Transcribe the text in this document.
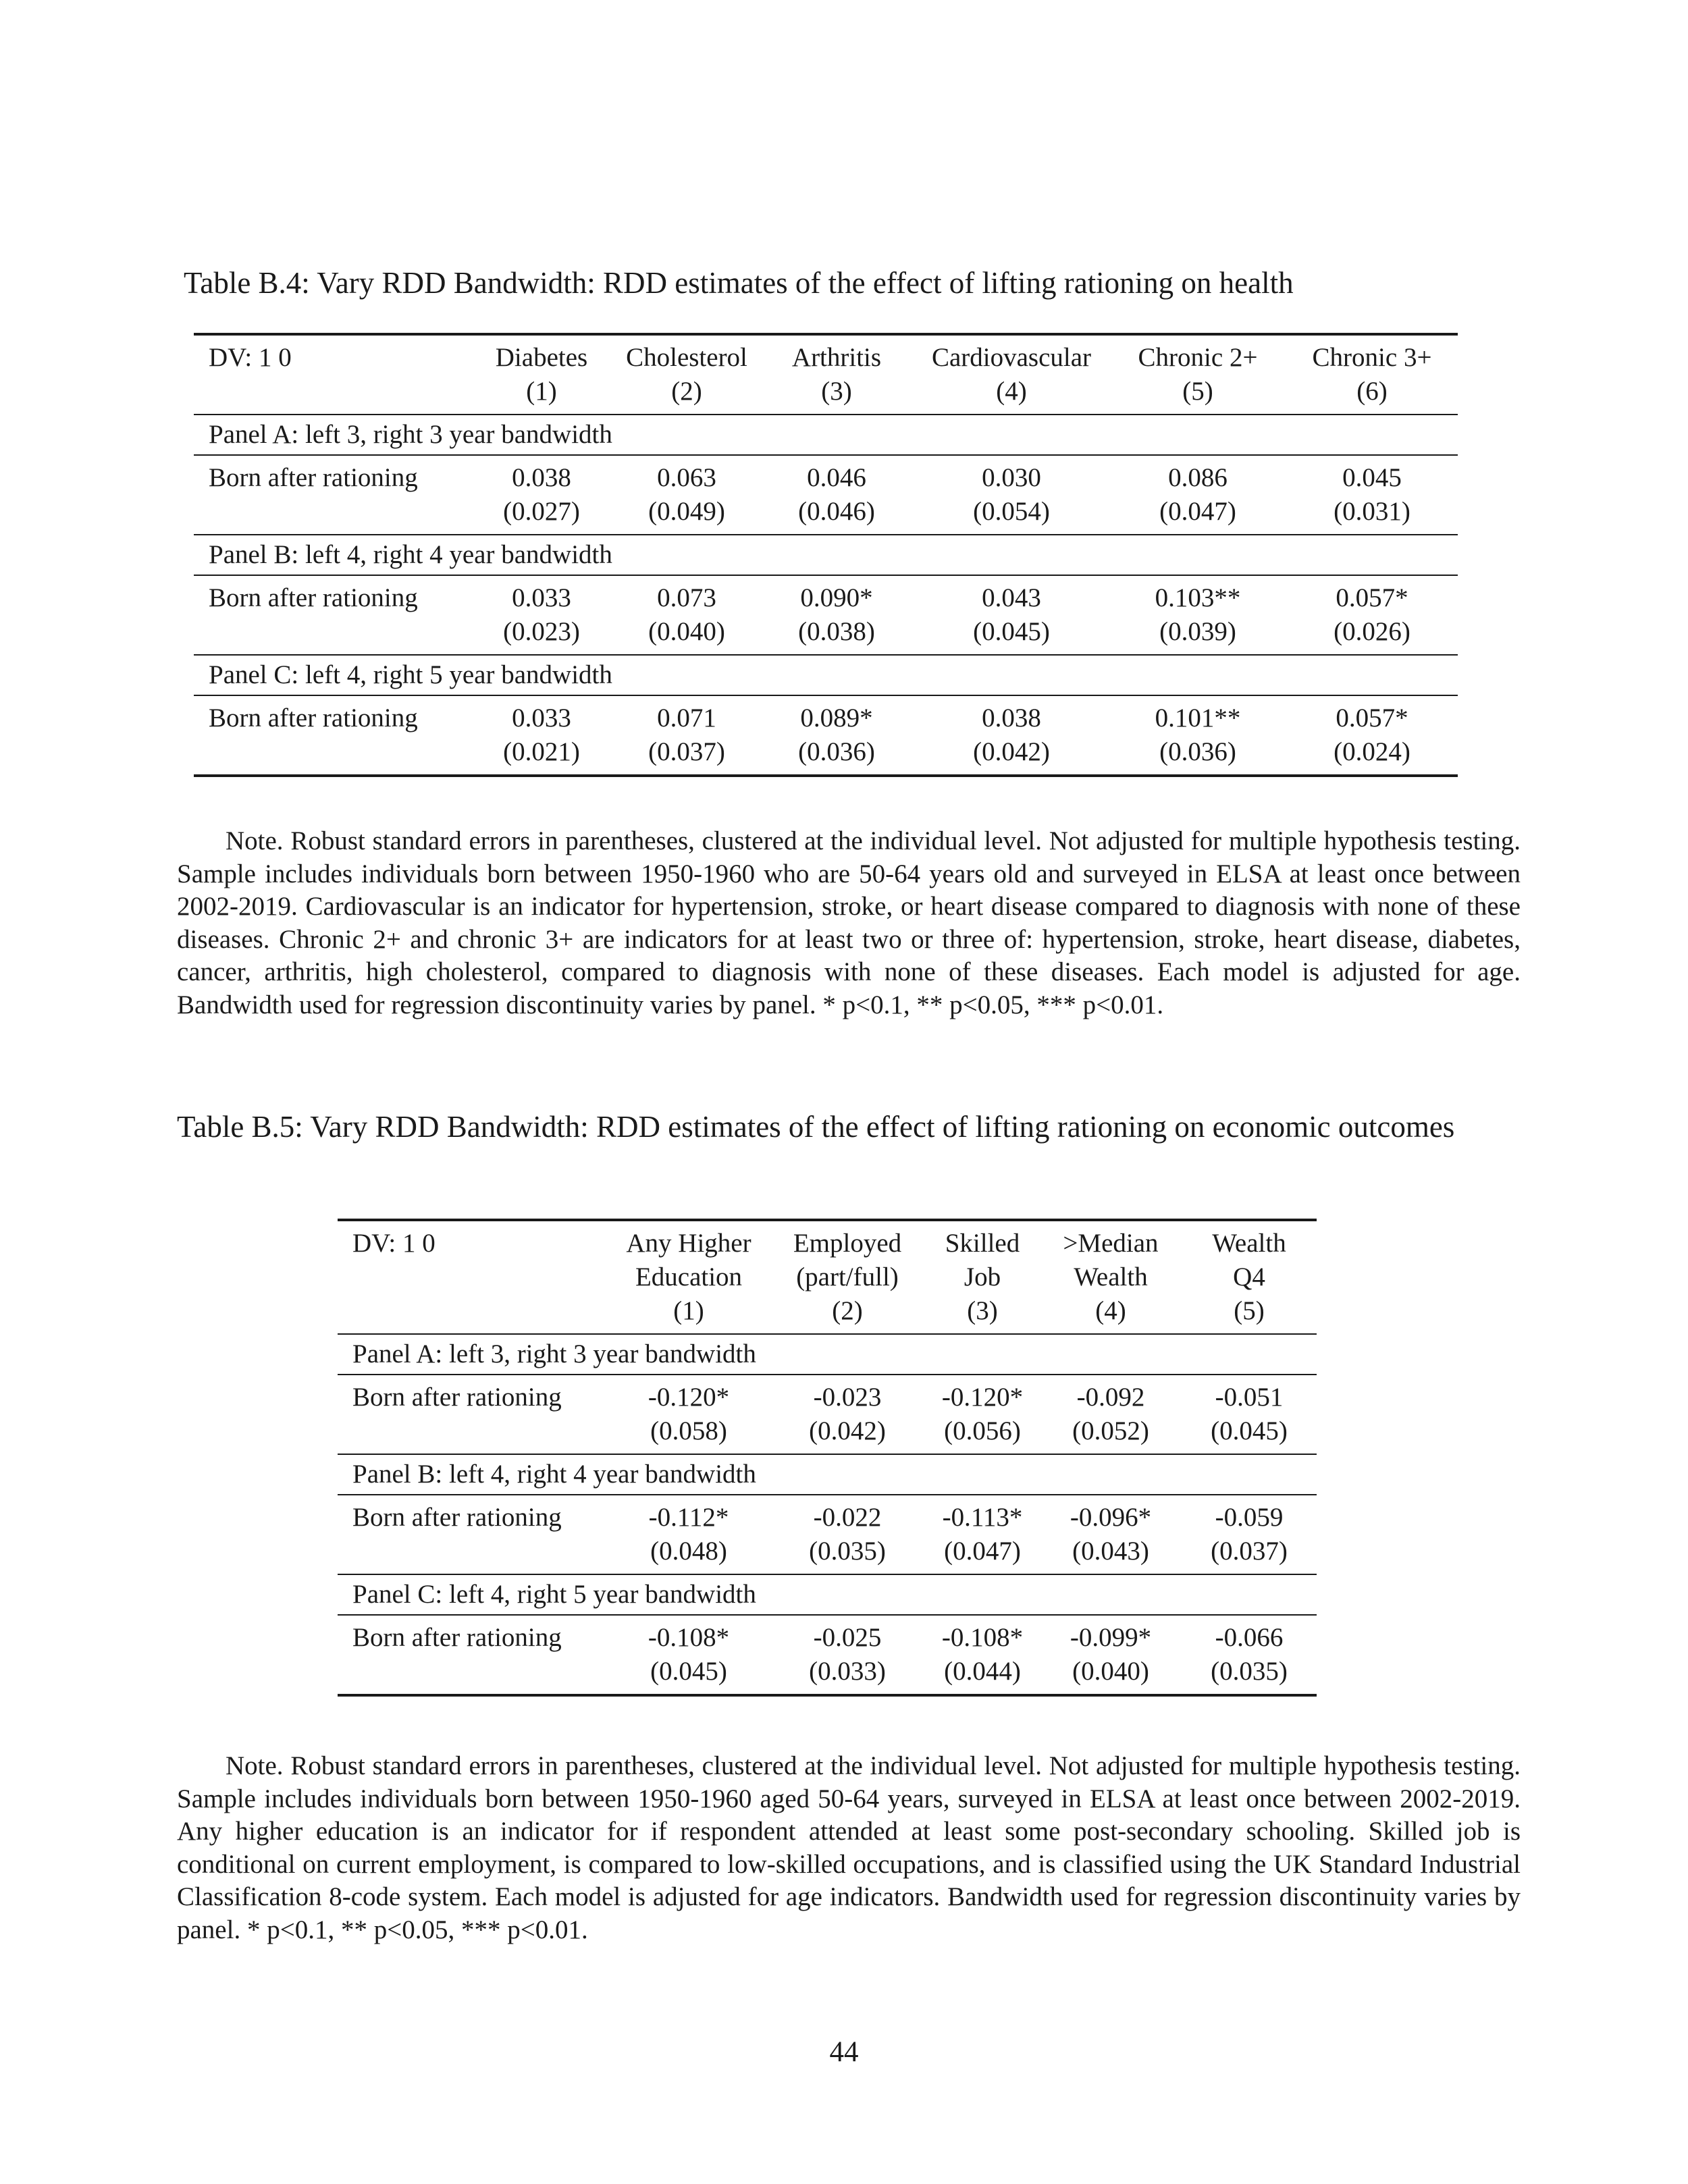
Table B.4: Vary RDD Bandwidth: RDD estimates of the effect of lifting rationing on health
DV: 1 0	Diabetes	Cholesterol	Arthritis	Cardiovascular	Chronic 2+	Chronic 3+
	(1)	(2)	(3)	(4)	(5)	(6)
Panel A: left 3, right 3 year bandwidth						
Born after rationing	0.038	0.063	0.046	0.030	0.086	0.045
	(0.027)	(0.049)	(0.046)	(0.054)	(0.047)	(0.031)
Panel B: left 4, right 4 year bandwidth						
Born after rationing	0.033	0.073	0.090*	0.043	0.103**	0.057*
	(0.023)	(0.040)	(0.038)	(0.045)	(0.039)	(0.026)
Panel C: left 4, right 5 year bandwidth						
Born after rationing	0.033	0.071	0.089*	0.038	0.101**	0.057*
	(0.021)	(0.037)	(0.036)	(0.042)	(0.036)	(0.024)

Note. Robust standard errors in parentheses, clustered at the individual level. Not adjusted for multiple hypothesis testing. Sample includes individuals born between 1950-1960 who are 50-64 years old and surveyed in ELSA at least once between 2002-2019. Cardiovascular is an indicator for hypertension, stroke, or heart disease compared to diagnosis with none of these diseases. Chronic 2+ and chronic 3+ are indicators for at least two or three of: hypertension, stroke, heart disease, diabetes, cancer, arthritis, high cholesterol, compared to diagnosis with none of these diseases. Each model is adjusted for age. Bandwidth used for regression discontinuity varies by panel. * p<0.1, ** p<0.05, *** p<0.01.

Table B.5: Vary RDD Bandwidth: RDD estimates of the effect of lifting rationing on economic outcomes
DV: 1 0	Any Higher	Employed	Skilled	>Median	Wealth
	Education	(part/full)	Job	Wealth	Q4
	(1)	(2)	(3)	(4)	(5)
Panel A: left 3, right 3 year bandwidth					
Born after rationing	-0.120*	-0.023	-0.120*	-0.092	-0.051
	(0.058)	(0.042)	(0.056)	(0.052)	(0.045)
Panel B: left 4, right 4 year bandwidth					
Born after rationing	-0.112*	-0.022	-0.113*	-0.096*	-0.059
	(0.048)	(0.035)	(0.047)	(0.043)	(0.037)
Panel C: left 4, right 5 year bandwidth					
Born after rationing	-0.108*	-0.025	-0.108*	-0.099*	-0.066
	(0.045)	(0.033)	(0.044)	(0.040)	(0.035)

Note. Robust standard errors in parentheses, clustered at the individual level. Not adjusted for multiple hypothesis testing. Sample includes individuals born between 1950-1960 aged 50-64 years, surveyed in ELSA at least once between 2002-2019. Any higher education is an indicator for if respondent attended at least some post-secondary schooling. Skilled job is conditional on current employment, is compared to low-skilled occupations, and is classified using the UK Standard Industrial Classification 8-code system. Each model is adjusted for age indicators. Bandwidth used for regression discontinuity varies by panel. * p<0.1, ** p<0.05, *** p<0.01.

44
